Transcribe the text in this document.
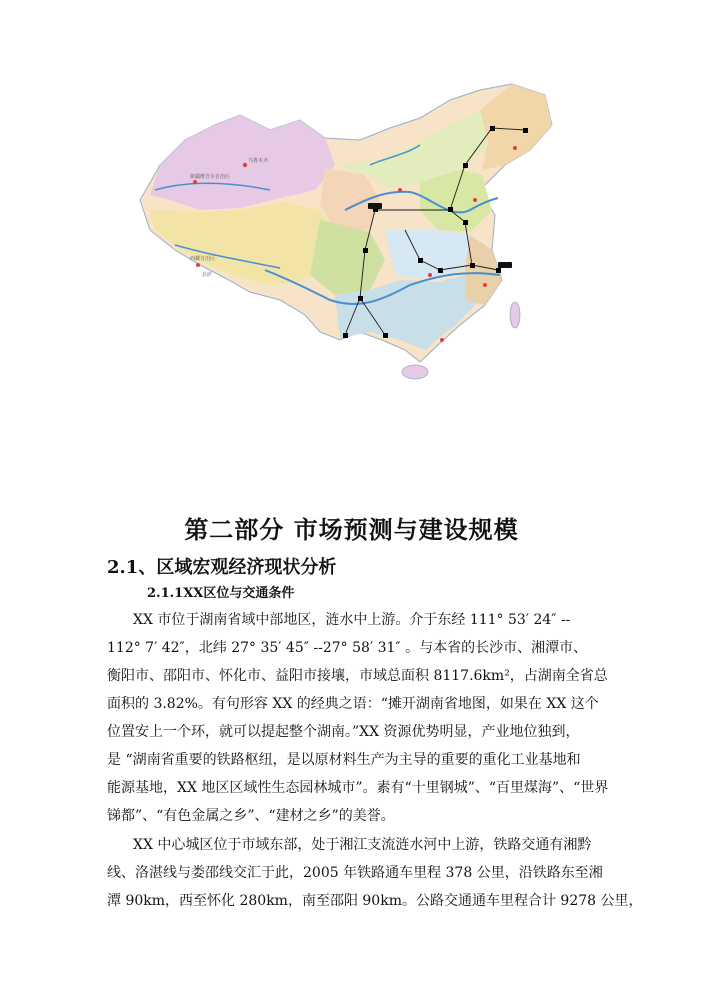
新疆维吾尔自治区
西藏自治区
乌鲁木齐
拉萨
第二部分 市场预测与建设规模
2.1、区域宏观经济现状分析
2.1.1XX区位与交通条件
XX 市位于湖南省域中部地区，涟水中上游。介于东经 111° 53′ 24″ --
112° 7′ 42″，北纬 27° 35′ 45″ --27° 58′ 31″ 。与本省的长沙市、湘潭市、
衡阳市、邵阳市、怀化市、益阳市接壤，市域总面积 8117.6km²，占湖南全省总
面积的 3.82%。有句形容 XX 的经典之语：“摊开湖南省地图，如果在 XX 这个
位置安上一个环，就可以提起整个湖南。”XX 资源优势明显，产业地位独到，
是 “湖南省重要的铁路枢纽，是以原材料生产为主导的重要的重化工业基地和
能源基地，XX 地区区域性生态园林城市”。素有“十里钢城”、“百里煤海”、“世界
锑都”、“有色金属之乡”、“建材之乡”的美誉。
XX 中心城区位于市域东部，处于湘江支流涟水河中上游，铁路交通有湘黔
线、洛湛线与娄邵线交汇于此，2005 年铁路通车里程 378 公里，沿铁路东至湘
潭 90km，西至怀化 280km，南至邵阳 90km。公路交通通车里程合计 9278 公里，
